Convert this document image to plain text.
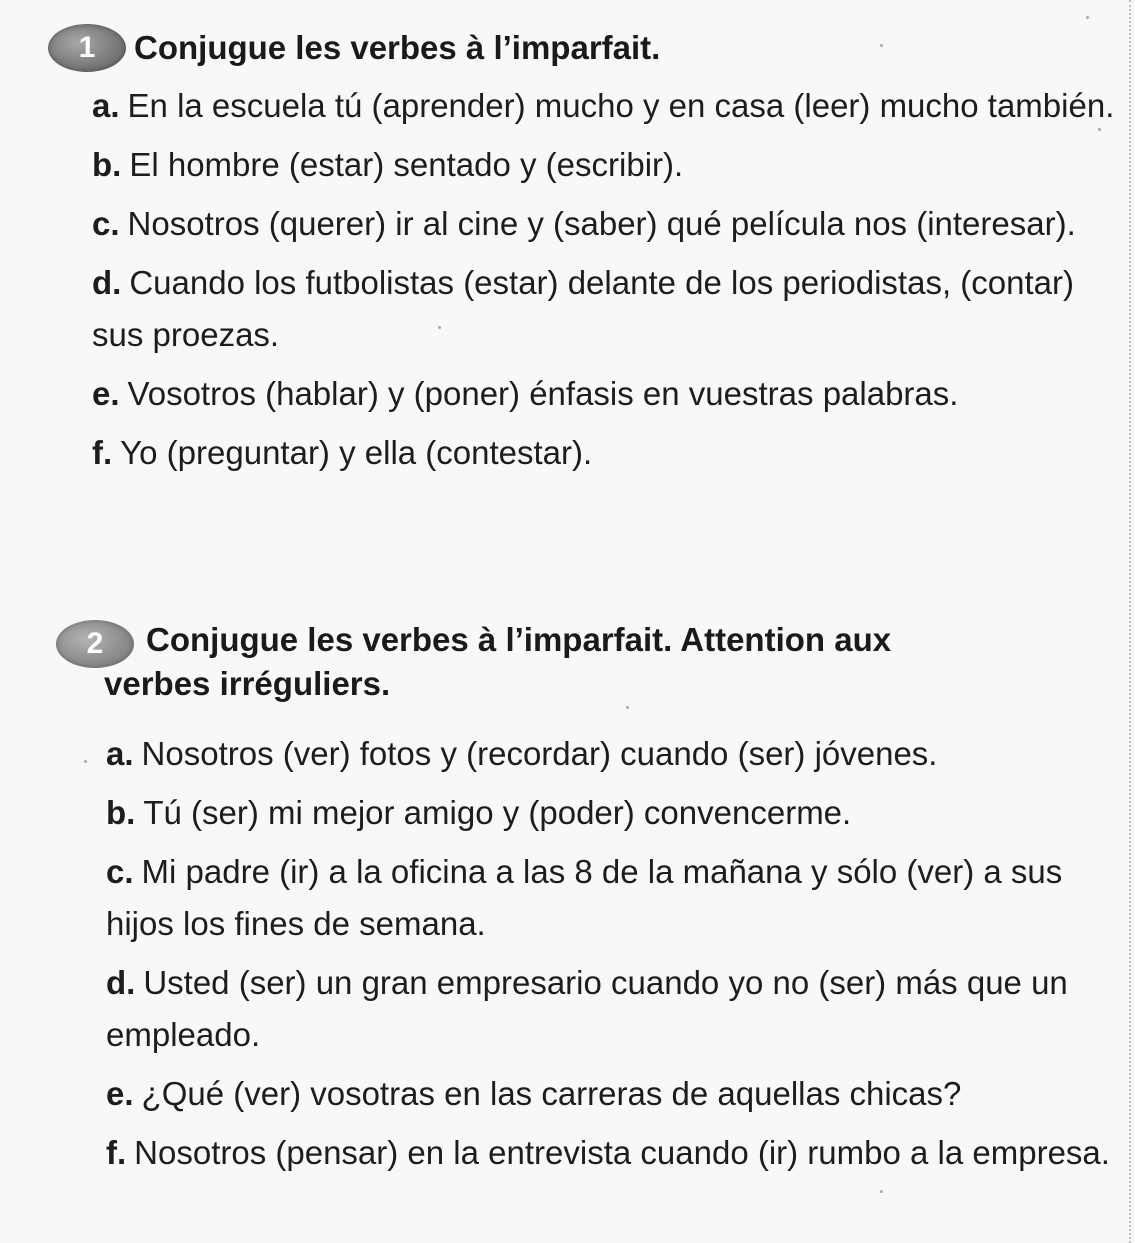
1	Conjugue les verbes à l’imparfait.
a. En la escuela tú (aprender) mucho y en casa (leer) mucho también.
b. El hombre (estar) sentado y (escribir).
c. Nosotros (querer) ir al cine y (saber) qué película nos (interesar).
d. Cuando los futbolistas (estar) delante de los periodistas, (contar) sus proezas.
e. Vosotros (hablar) y (poner) énfasis en vuestras palabras.
f. Yo (preguntar) y ella (contestar).
2	Conjugue les verbes à l’imparfait. Attention aux verbes irréguliers.
a. Nosotros (ver) fotos y (recordar) cuando (ser) jóvenes.
b. Tú (ser) mi mejor amigo y (poder) convencerme.
c. Mi padre (ir) a la oficina a las 8 de la mañana y sólo (ver) a sus hijos los fines de semana.
d. Usted (ser) un gran empresario cuando yo no (ser) más que un empleado.
e. ¿Qué (ver) vosotras en las carreras de aquellas chicas?
f. Nosotros (pensar) en la entrevista cuando (ir) rumbo a la empresa.
